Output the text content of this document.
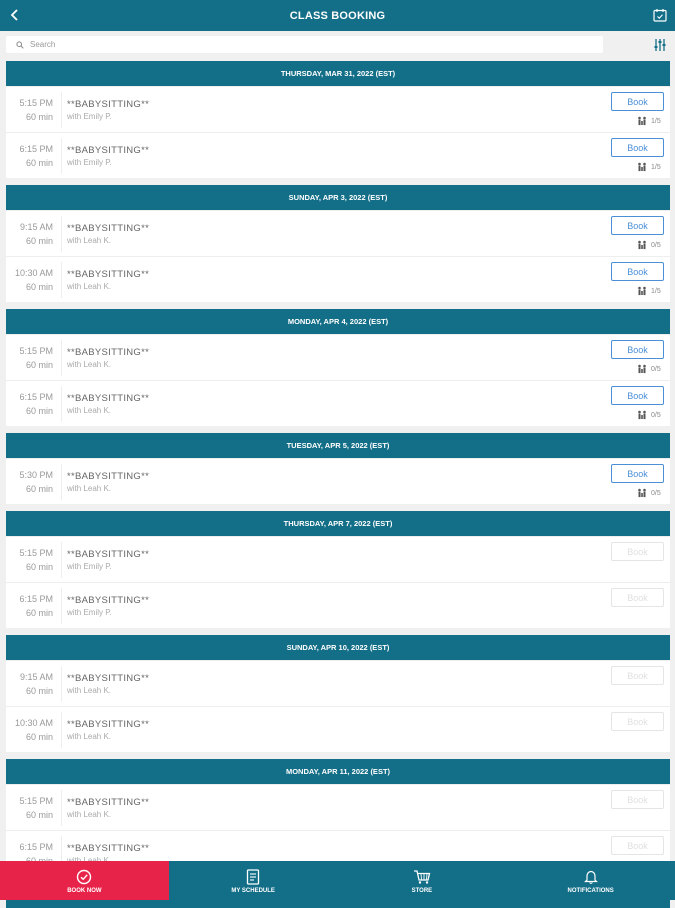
CLASS BOOKING
Search
THURSDAY, MAR 31, 2022 (EST)
5:15 PM
60 min
**BABYSITTING**
with Emily P.
Book
1/5
6:15 PM
60 min
**BABYSITTING**
with Emily P.
Book
1/5
SUNDAY, APR 3, 2022 (EST)
9:15 AM
60 min
**BABYSITTING**
with Leah K.
Book
0/5
10:30 AM
60 min
**BABYSITTING**
with Leah K.
Book
1/5
MONDAY, APR 4, 2022 (EST)
5:15 PM
60 min
**BABYSITTING**
with Leah K.
Book
0/5
6:15 PM
60 min
**BABYSITTING**
with Leah K.
Book
0/5
TUESDAY, APR 5, 2022 (EST)
5:30 PM
60 min
**BABYSITTING**
with Leah K.
Book
0/5
THURSDAY, APR 7, 2022 (EST)
5:15 PM
60 min
**BABYSITTING**
with Emily P.
Book
6:15 PM
60 min
**BABYSITTING**
with Emily P.
Book
SUNDAY, APR 10, 2022 (EST)
9:15 AM
60 min
**BABYSITTING**
with Leah K.
Book
10:30 AM
60 min
**BABYSITTING**
with Leah K.
Book
MONDAY, APR 11, 2022 (EST)
5:15 PM
60 min
**BABYSITTING**
with Leah K.
Book
6:15 PM **BABYSITTING**	Book
BOOK NOW	MY SCHEDULE	STORE	NOTIFICATIONS
